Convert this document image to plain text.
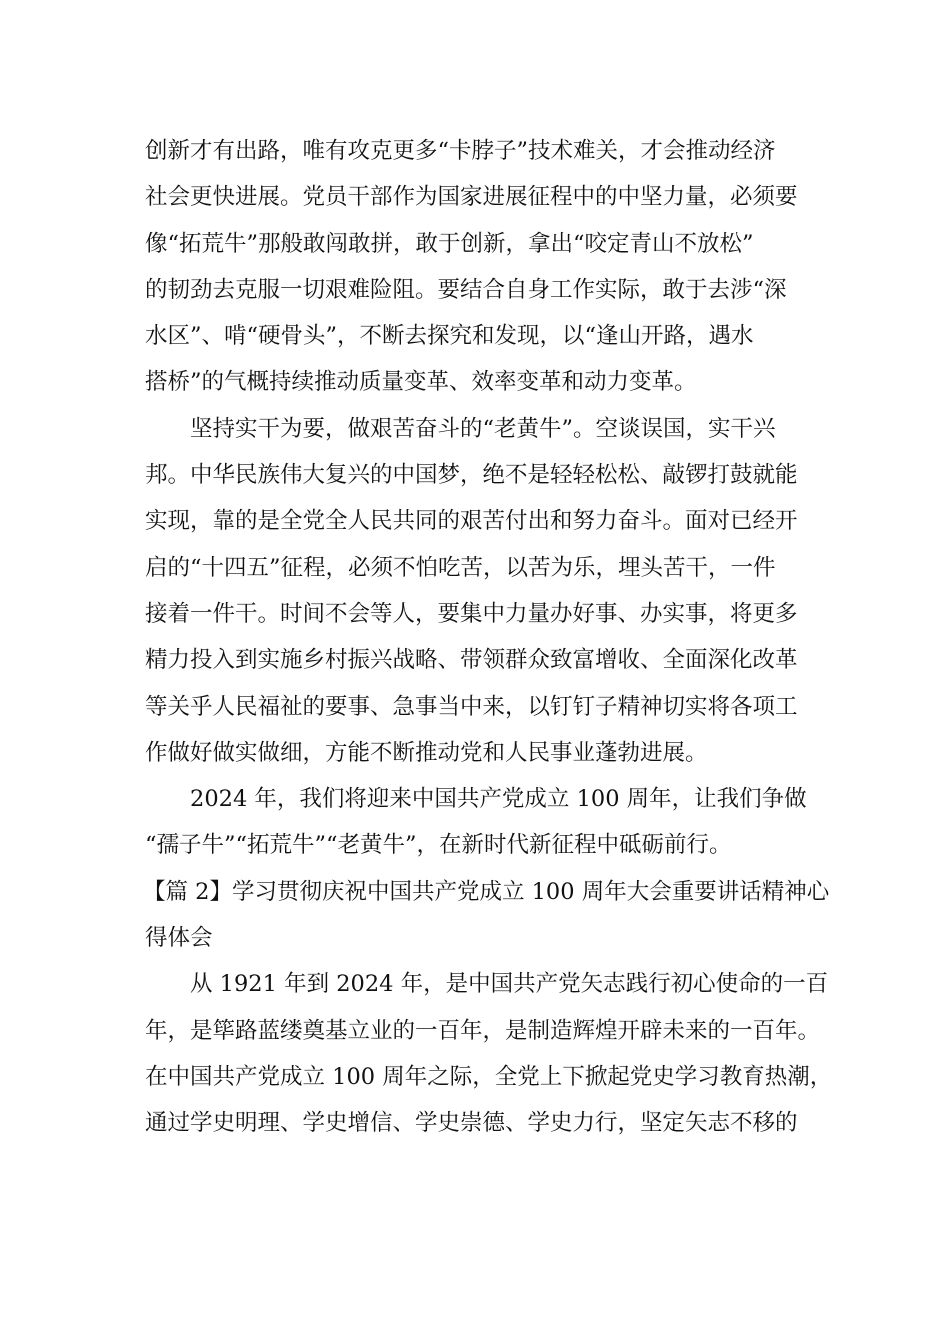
创新才有出路，唯有攻克更多“卡脖子”技术难关，才会推动经济
社会更快进展。党员干部作为国家进展征程中的中坚力量，必须要
像“拓荒牛”那般敢闯敢拼，敢于创新，拿出“咬定青山不放松”
的韧劲去克服一切艰难险阻。要结合自身工作实际，敢于去涉“深
水区”、啃“硬骨头”，不断去探究和发现，以“逢山开路，遇水
搭桥”的气概持续推动质量变革、效率变革和动力变革。
坚持实干为要，做艰苦奋斗的“老黄牛”。空谈误国，实干兴
邦。中华民族伟大复兴的中国梦，绝不是轻轻松松、敲锣打鼓就能
实现，靠的是全党全人民共同的艰苦付出和努力奋斗。面对已经开
启的“十四五”征程，必须不怕吃苦，以苦为乐，埋头苦干，一件
接着一件干。时间不会等人，要集中力量办好事、办实事，将更多
精力投入到实施乡村振兴战略、带领群众致富增收、全面深化改革
等关乎人民福祉的要事、急事当中来，以钉钉子精神切实将各项工
作做好做实做细，方能不断推动党和人民事业蓬勃进展。
2024 年，我们将迎来中国共产党成立 100 周年，让我们争做
“孺子牛”“拓荒牛”“老黄牛”，在新时代新征程中砥砺前行。
【篇 2】学习贯彻庆祝中国共产党成立 100 周年大会重要讲话精神心
得体会
从 1921 年到 2024 年，是中国共产党矢志践行初心使命的一百
年，是筚路蓝缕奠基立业的一百年，是制造辉煌开辟未来的一百年。
在中国共产党成立 100 周年之际，全党上下掀起党史学习教育热潮，
通过学史明理、学史增信、学史崇德、学史力行，坚定矢志不移的
